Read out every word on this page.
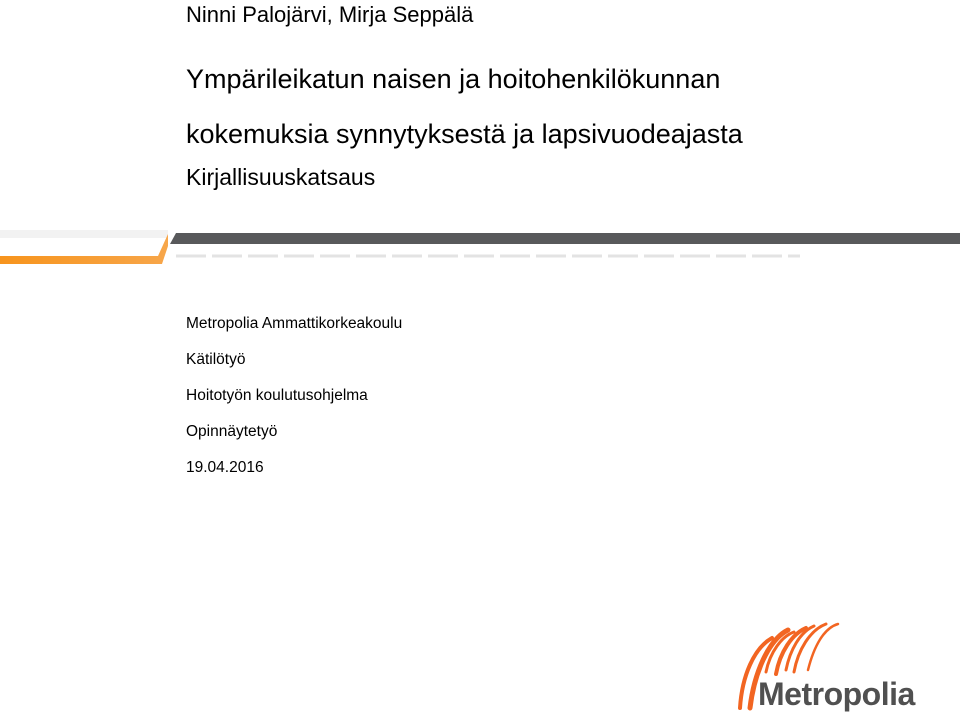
Ninni Palojärvi, Mirja Seppälä
Ympärileikatun naisen ja hoitohenkilökunnan
kokemuksia synnytyksestä ja lapsivuodeajasta
Kirjallisuuskatsaus
Metropolia Ammattikorkeakoulu
Kätilötyö
Hoitotyön koulutusohjelma
Opinnäytetyö
19.04.2016
Metropolia
